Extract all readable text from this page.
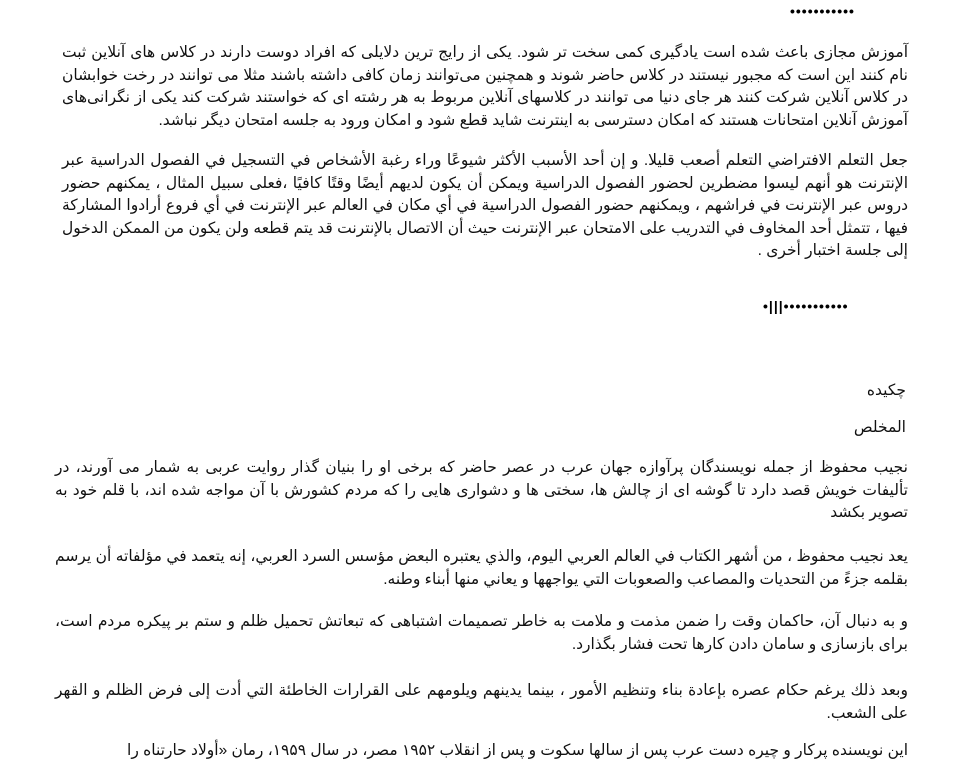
•••••••••••

آموزش مجازی باعث شده است یادگیری کمی سخت تر شود. یکی از رایج ترین دلایلی که افراد دوست دارند در کلاس های آنلاین ثبت نام کنند این است که مجبور نیستند در کلاس حاضر شوند و همچنین می‌توانند زمان کافی داشته باشند مثلا می توانند در رخت خوابشان در کلاس آنلاین شرکت کنند هر جای دنیا می توانند در کلاسهای آنلاین مربوط به هر رشته ای که خواستند شرکت کند یکی از نگرانی‌های آموزش آنلاین امتحانات هستند که امکان دسترسی به اینترنت شاید قطع شود و امکان ورود به جلسه امتحان دیگر نباشد.

جعل التعلم الافتراضي التعلم أصعب قليلا. و إن أحد الأسبب الأكثر شيوعًا وراء رغبة الأشخاص في التسجيل في الفصول الدراسية عبر الإنترنت هو أنهم ليسوا مضطرين لحضور الفصول الدراسية ويمكن أن يكون لديهم أيضًا وقتًا كافيًا ،فعلى سبيل المثال ، يمكنهم حضور دروس عبر الإنترنت في فراشهم ، ويمكنهم حضور الفصول الدراسية في أي مكان في العالم عبر الإنترنت في أي فروع أرادوا المشاركة فيها ، تتمثل أحد المخاوف في التدريب على الامتحان عبر الإنترنت حيث أن الاتصال بالإنترنت قد يتم قطعه ولن يكون من الممكن الدخول إلى جلسة اختبار أخرى .

•|||•••••••••••
چکیده
المخلص

نجیب محفوظ از جمله نویسندگان پرآوازه جهان عرب در عصر حاضر که برخی او را بنیان گذار روایت عربی به شمار می آورند، در تألیفات خویش قصد دارد تا گوشه ای از چالش ها، سختی ها و دشواری هایی را که مردم کشورش با آن مواجه شده اند، با قلم خود به تصویر بکشد

يعد نجيب محفوظ ، من أشهر الكتاب في العالم العربي اليوم، والذي يعتبره البعض مؤسس السرد العربي، إنه يتعمد في مؤلفاته أن يرسم بقلمه جزءً من التحديات والمصاعب والصعوبات التي يواجهها و يعاني منها أبناء وطنه.

و به دنبال آن، حاکمان وقت را ضمن مذمت و ملامت به خاطر تصمیمات اشتباهی که تبعاتش تحمیل ظلم و ستم بر پیکره مردم است، برای بازسازی و سامان دادن کارها تحت فشار بگذارد.

وبعد ذلك يرغم حكام عصره بإعادة بناء وتنظيم الأمور ، بينما يدينهم ويلومهم على القرارات الخاطئة التي أدت إلى فرض الظلم و القهر على الشعب.

این نویسنده پرکار و چیره دست عرب پس از سالها سکوت و پس از انقلاب ۱۹۵۲ مصر، در سال ۱۹۵۹، رمان «أولاد حارتناه را
